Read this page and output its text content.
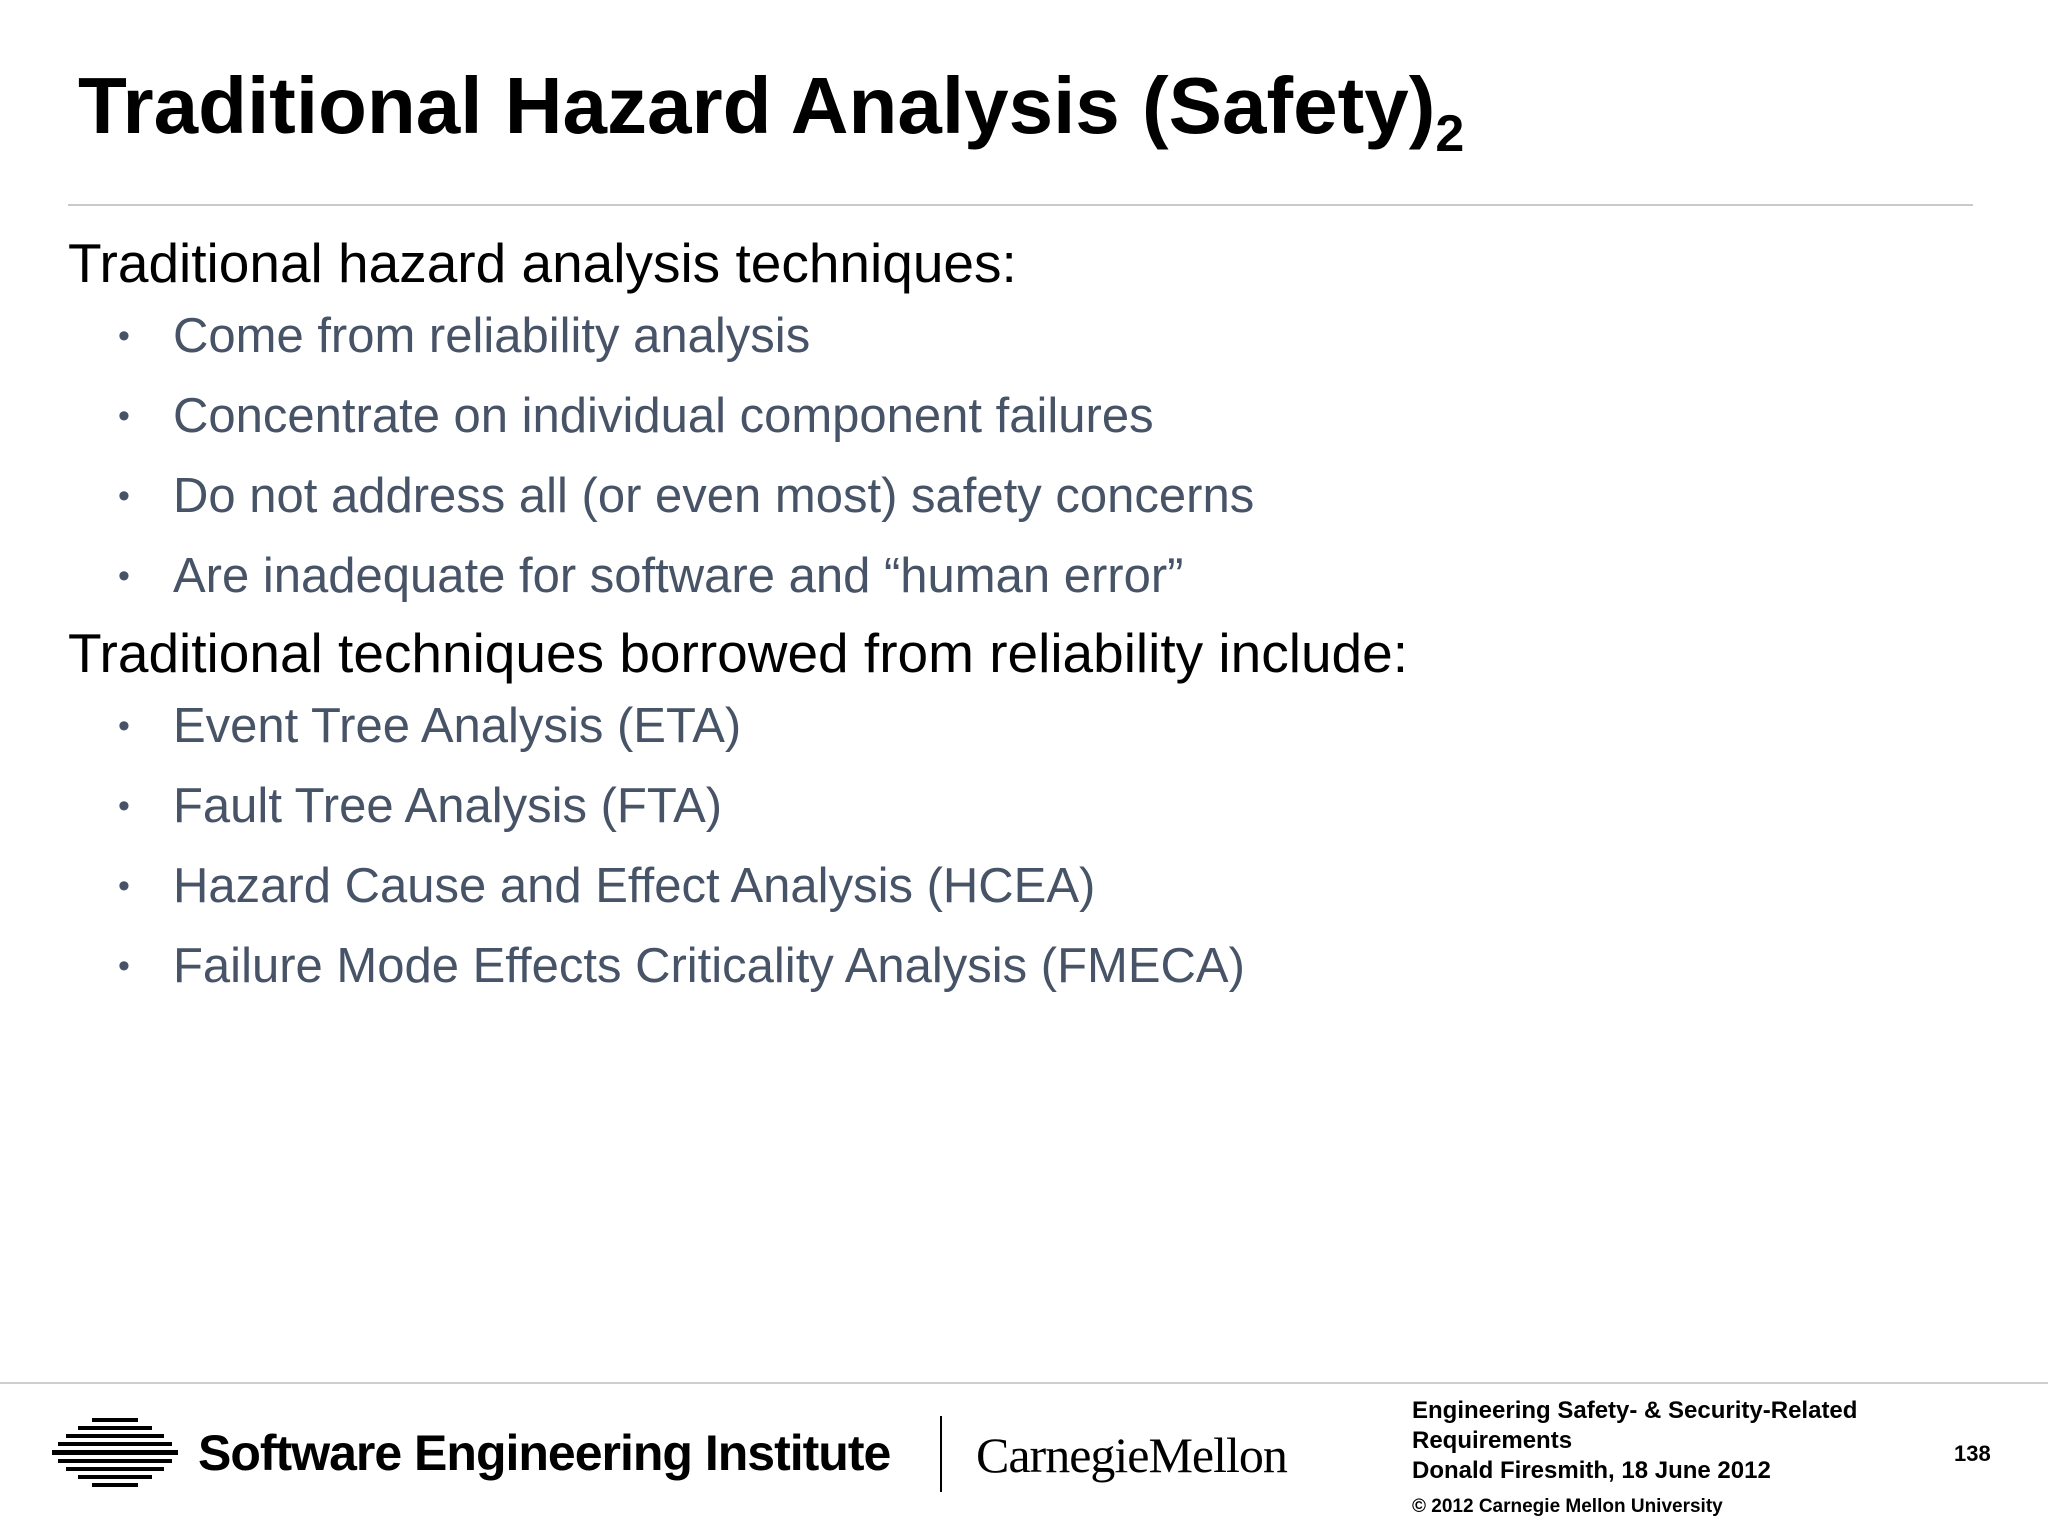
Traditional Hazard Analysis $(Safety)_2$

Traditional hazard analysis techniques:

• Come from reliability analysis
• Concentrate on individual component failures
• Do not address all (or even most) safety concerns
• Are inadequate for software and “human error”

Traditional techniques borrowed from reliability include:

• Event Tree Analysis (ETA)
• Fault Tree Analysis (FTA)
• Hazard Cause and Effect Analysis (HCEA)
• Failure Mode Effects Criticality Analysis (FMECA)
Software Engineering Institute CarnegieMellon
Engineering Safety- & Security-Related
Requirements
Donald Firesmith, 18 June 2012
© 2012 Carnegie Mellon University
138
